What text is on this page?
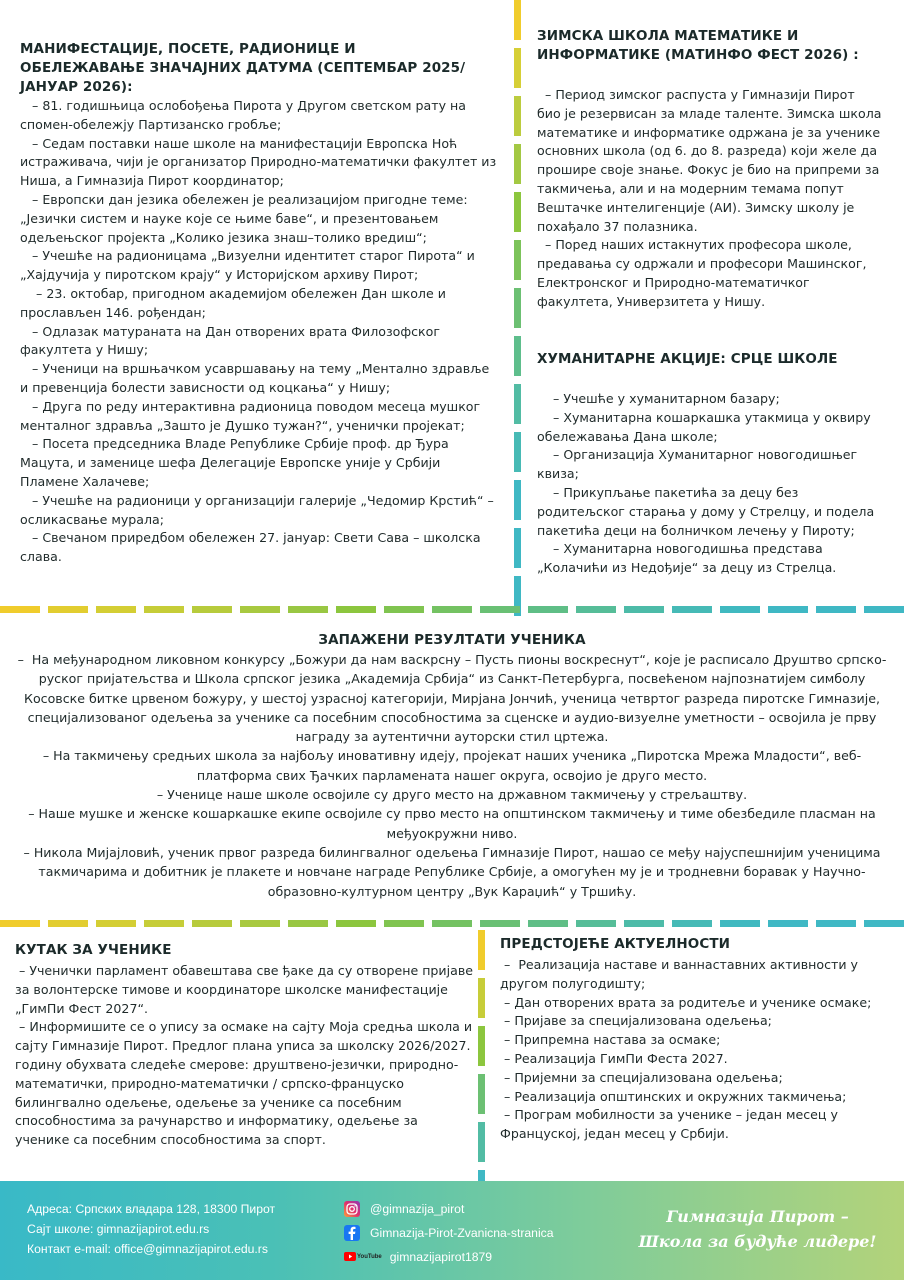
МАНИФЕСТАЦИЈЕ, ПОСЕТЕ, РАДИОНИЦЕ И ОБЕЛЕЖАВАЊЕ ЗНАЧАЈНИХ ДАТУМА (СЕПТЕМБАР 2025/ ЈАНУАР 2026):
– 81. годишњица ослобођења Пирота у Другом светском рату на спомен-обележју Партизанско гробље;
– Седам поставки наше школе на манифестацији Европска Ноћ истраживача, чији је организатор Природно-математички факултет из Ниша, а Гимназија Пирот координатор;
– Европски дан језика обележен је реализацијом пригодне теме: „Језички систем и науке које се њиме баве“, и презентовањем одељењског пројекта „Колико језика знаш–толико вредиш“;
– Учешће на радионицама „Визуелни идентитет старог Пирота“ и „Хајдучија у пиротском крају“ у Историјском архиву Пирот;
– 23. октобар, пригодном академијом обележен Дан школе и прослављен 146. рођендан;
– Одлазак матураната на Дан отворених врата Филозофског факултета у Нишу;
– Ученици на вршњачком усавршавању на тему „Ментално здравље и превенција болести зависности од коцкања“ у Нишу;
– Друга по реду интерактивна радионица поводом месеца мушког менталног здравља „Зашто је Душко тужан?“, ученички пројекат;
– Посета председника Владе Републике Србије проф. др Ђура Мацута, и заменице шефа Делегације Европске уније у Србији Пламене Халачеве;
– Учешће на радионици у организацији галерије „Чедомир Крстић“ – осликасвање мурала;
– Свечаном приредбом обележен 27. јануар: Свети Сава – школска слава.
ЗИМСКА ШКОЛА МАТЕМАТИКЕ И ИНФОРМАТИКЕ (МАТИНФО ФЕСТ 2026) :
– Период зимског распуста у Гимназији Пирот био је резервисан за младе таленте. Зимска школа математике и информатике одржана је за ученике основних школа (од 6. до 8. разреда) који желе да прошире своје знање. Фокус је био на припреми за такмичења, али и на модерним темама попут Вештачке интелигенције (АИ). Зимску школу је похађало 37 полазника.
– Поред наших истакнутих професора школе, предавања су одржали и професори Машинског, Електронског и Природно-математичког факултета, Универзитета у Нишу.
ХУМАНИТАРНЕ АКЦИЈЕ: СРЦЕ ШКОЛЕ
– Учешће у хуманитарном базару;
– Хуманитарна кошаркашка утакмица у оквиру обележавања Дана школе;
– Организација Хуманитарног новогодишњег квиза;
– Прикупљање пакетића за децу без родитељског старања у дому у Стрелцу, и подела пакетића деци на болничком лечењу у Пироту;
– Хуманитарна новогодишња представа „Колачићи из Недођије“ за децу из Стрелца.
ЗАПАЖЕНИ РЕЗУЛТАТИ УЧЕНИКА
–  На међународном ликовном конкурсу „Божури да нам васкрсну – Пусть пионы воскреснут“, које је расписало Друштво српско-руског пријатељства и Школа српског језика „Академија Србија“ из Санкт-Петербурга, посвећеном најпознатијем симболу Косовске битке црвеном божуру, у шестој узрасној категорији, Мирјана Јончић, ученица четвртог разреда пиротске Гимназије, специјализованог одељења за ученике са посебним способностима за сценске и аудио-визуелне уметности – освојила је прву награду за аутентични ауторски стил цртежа.
– На такмичењу средњих школа за најбољу иновативну идеју, пројекат наших ученика „Пиротска Мрежа Младости“, веб-платформа свих Ђачких парламената нашег округа, освојио је друго место.
– Ученице наше школе освојиле су друго место на државном такмичењу у стрељаштву.
– Наше мушке и женске кошаркашке екипе освојиле су прво место на општинском такмичењу и тиме обезбедиле пласман на међуокружни ниво.
– Никола Мијајловић, ученик првог разреда билингвалног одељења Гимназије Пирот, нашао се међу најуспешнијим ученицима такмичарима и добитник је плакете и новчане награде Републике Србије, а омогућен му је и тродневни боравак у Научно-образовно-културном центру „Вук Караџић“ у Тршићу.
КУТАК ЗА УЧЕНИКЕ
– Ученички парламент обавештава све ђаке да су отворене пријаве за волонтерске тимове и координаторе школске манифестације „ГимПи Фест 2027“.
– Информишите се о упису за осмаке на сајту Моја средња школа и сајту Гимназије Пирот. Предлог плана уписа за школску 2026/2027. годину обухвата следеће смерове: друштвено-језички, природно-математички, природно-математички / српско-француско билингвално одељење, одељење за ученике са посебним способностима за рачунарство и информатику, одељење за ученике са посебним способностима за спорт.
ПРЕДСТОЈЕЋЕ АКТУЕЛНОСТИ
–  Реализација наставе и ваннаставних активности у другом полугодишту;
– Дан отворених врата за родитеље и ученике осмаке;
– Пријаве за специјализована одељења;
– Припремна настава за осмаке;
– Реализација ГимПи Феста 2027.
– Пријемни за специјализована одељења;
– Реализација општинских и окружних такмичења;
– Програм мобилности за ученике – један месец у Француској, један месец у Србији.
Адреса: Српских владара 128, 18300 Пирот
Сајт школе: gimnazijapirot.edu.rs
Контакт e-mail: office@gimnazijapirot.edu.rs
@gimnazija_pirot
Gimnazija-Pirot-Zvanicna-stranica
YouTube gimnazijapirot1879
Гимназија Пирот –
Школа за будуће лидере!
